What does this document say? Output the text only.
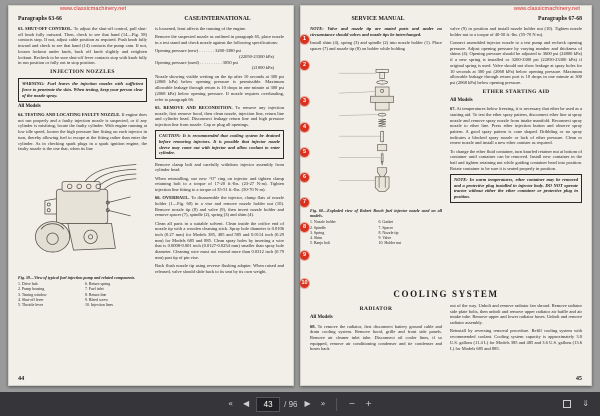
www.classicmachinery.net
Paragraphs 63-66	CASE/INTERNATIONAL

63. SHUT-OFF CONTROL. To adjust the shut-off control, pull shut-off knob fully outward. Then, check to see that hand (14—Fig. 58) contacts stop. If not, adjust cable position as required. Push knob fully inward and check to see that hand (14) contacts the pump cam. If not, loosen locknut under knob, back off knob slightly and retighten locknut. Recheck to be sure shut-off lever contacts stop with knob fully in run position or fully out in stop position.

INJECTION NOZZLES
WARNING: Fuel leaves the injection nozzles with sufficient force to penetrate the skin. When testing, keep your person clear of the nozzle spray.
All Models

64. TESTING AND LOCATING FAULTY NOZZLE. If engine does not run properly and a faulty injection nozzle is suspected, or if any cylinder is misfiring, locate the faulty cylinder. With engine running at low idle speed, loosen the high pressure line fitting on each injector in turn, thereby allowing fuel to escape at the fitting rather than enter the cylinder. As in checking spark plugs in a spark ignition engine, the faulty nozzle is the one that, when its line

Fig. 59—View of typical fuel injection pump and related components.
1. Drive hub
2. Pump housing
3. Timing window
4. Shut-off lever
5. Throttle lever
6. Return spring
7. Fuel inlet
8. Return line
9. Bleed screw
10. Injection lines

is loosened, least affects the running of the engine.

Remove the suspected nozzle as outlined in paragraph 65, place nozzle in a test stand and check nozzle against the following specifications:

Opening pressure (new) . . . . . . . 3200-3380 psi
(22050-23300 kPa)
Opening pressure (used) . . . . . . . . . . 3050 psi
(21000 kPa)

Nozzle showing visible wetting on the tip after 10 seconds at 300 psi (2068 kPa) below opening pressure is permissible. Maximum allowable leakage through return is 10 drops in one minute at 300 psi (2068 kPa) below opening pressure. If nozzle requires overhauling, refer to paragraph 66.

65. REMOVE AND RECONDITION. To remove any injection nozzle, first remove hood, then clean nozzle, injection line, return line and cylinder head. Disconnect leakage return line and high pressure injection line from nozzle. Cap or plug all openings.

CAUTION: It is recommended that cooling system be drained before removing injectors. It is possible that injector nozzle sleeve may come out with injector and allow coolant to enter cylinder.

Remove clamp bolt and carefully withdraw injector assembly from cylinder head.

When reinstalling, use new “O” ring on injector and tighten clamp retaining bolt to a torque of 17-20 ft.-lbs. (23-27 N·m). Tighten injection line fitting to a torque of 35-51 ft.-lbs. (50-70 N·m).

66. OVERHAUL. To disassemble the injector, clamp flats of nozzle holder (1—Fig. 60) in a vise and remove nozzle holder nut (10). Remove nozzle tip (8) and valve (9), then invert nozzle holder and remove spacer (7), spindle (2), spring (3) and shim (4).

Clean all parts in a suitable solvent. Clean inside the orifice end of nozzle tip with a wooden cleaning stick. Spray hole diameter is 0.0106 inch (0.27 mm) for Models 385, 485 and 585 and 0.0114 inch (0.29 mm) for Models 685 and 885. Clean spray holes by inserting a wire that is 0.0008-0.001 inch (0.0127-0.0254 mm) smaller than spray hole diameter. Cleaning wire must not extend more than 0.0312 inch (0.79 mm) past tip of pin vise.

Back flush nozzle tip using reverse flushing adapter. When raised and released, valve should slide back to its seat by its own weight.

44
www.classicmachinery.net
SERVICE MANUAL	Paragraphs 67-68

NOTE: Valve and nozzle tip are mated parts and under no circumstance should valves and nozzle tips be interchanged.

Install shim (4), spring (3) and spindle (2) into nozzle holder (1). Place spacer (7) and nozzle tip (8) on holder while holding

Fig. 60—Exploded view of Robert Bosch fuel injector nozzle used on all models.
1. Nozzle holder
2. Spindle
3. Spring
4. Shim
5. Banjo bolt
6. Gasket
7. Spacer
8. Nozzle tip
9. Valve
10. Holder nut

valve (9) in position and install nozzle holder nut (10). Tighten nozzle holder nut to a torque of 40-50 ft.-lbs. (55-70 N·m).

Connect assembled injector nozzle to a test pump and recheck opening pressure. Adjust opening pressure by varying number and thickness of shims (4). Opening pressure should be adjusted to 3600 psi (24800 kPa) if a new spring is installed or 3200-3380 psi (22050-23300 kPa) if original spring is used. Valve should not show leakage at spray holes for 10 seconds at 300 psi (2068 kPa) below opening pressure. Maximum allowable leakage through return port is 10 drops in one minute at 300 psi (2068 kPa) below opening pressure.

ETHER STARTING AID
All Models

67. At temperatures below freezing, it is necessary that ether be used as a starting aid. To test the ether spray pattern, disconnect ether line at spray nozzle and remove spray nozzle from intake manifold. Reconnect spray nozzle to ether line. Press ether injection button and observe spray pattern. A good spray pattern is cone shaped. Dribbling or no spray indicates a blocked spray nozzle or lack of ether pressure. Clean or renew nozzle and install a new ether canister as required.

To change the ether fluid container, turn knurled retainer nut at bottom of container until container can be removed. Install new container in the bail and tighten retaining nut while guiding container head into position. Rotate container to be sure it is seated properly in position.

NOTE: In warm temperatures, ether container may be removed and a protective plug installed in injector body. DO NOT operate tractor without either the ether container or protective plug in position.
COOLING SYSTEM
RADIATOR
All Models

68. To remove the radiator, first disconnect battery ground cable and drain cooling system. Remove hood, grille and front side panels. Remove air cleaner inlet tube. Disconnect oil cooler lines, if so equipped, remove air conditioning condenser and tie condenser and hoses back

out of the way. Unbolt and remove radiator fan shroud. Remove radiator side plate bolts, then unbolt and remove upper radiator air baffle and air intake tube. Remove upper and lower radiator hoses. Unbolt and remove radiator assembly.

Reinstall by reversing removal procedure. Refill cooling system with recommended coolant. Cooling system capacity is approximately 3.0 U.S. gallons (11.4 L) for Models 385 and 485 and 3.6 U.S. gallons (13.6 L) for Models 685 and 885.

45
1
2
3
4
5
6
7
8
9
10
«	◀	43	/ 96 ▶	»	−	+	⇓
